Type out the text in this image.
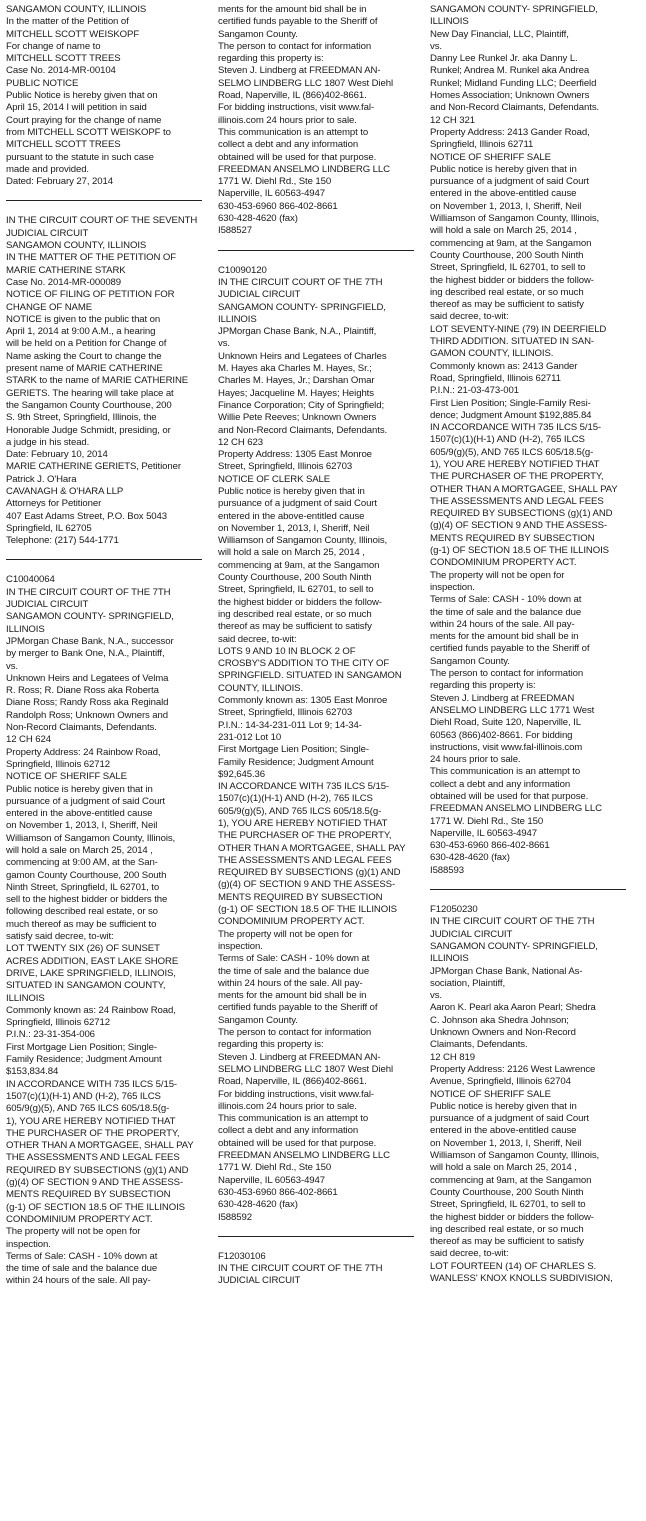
SANGAMON COUNTY, ILLINOIS
In the matter of the Petition of
MITCHELL SCOTT WEISKOPF
For change of name to
MITCHELL SCOTT TREES
Case No. 2014-MR-00104
PUBLIC NOTICE
Public Notice is hereby given that on
April 15, 2014 I will petition in said
Court praying for the change of name
from MITCHELL SCOTT WEISKOPF to
MITCHELL SCOTT TREES
pursuant to the statute in such case
made and provided.
Dated: February 27, 2014
IN THE CIRCUIT COURT OF THE SEVENTH
JUDICIAL CIRCUIT
SANGAMON COUNTY, ILLINOIS
IN THE MATTER OF THE PETITION OF
MARIE CATHERINE STARK
Case No. 2014-MR-000089
NOTICE OF FILING OF PETITION FOR
CHANGE OF NAME
NOTICE is given to the public that on
April 1, 2014 at 9:00 A.M., a hearing
will be held on a Petition for Change of
Name asking the Court to change the
present name of MARIE CATHERINE
STARK to the name of MARIE CATHERINE
GERIETS. The hearing will take place at
the Sangamon County Courthouse, 200
S. 9th Street, Springfield, Illinois, the
Honorable Judge Schmidt, presiding, or
a judge in his stead.
Date: February 10, 2014
MARIE CATHERINE GERIETS, Petitioner
Patrick J. O'Hara
CAVANAGH & O'HARA LLP
Attorneys for Petitioner
407 East Adams Street, P.O. Box 5043
Springfield, IL 62705
Telephone: (217) 544-1771
C10040064
IN THE CIRCUIT COURT OF THE 7TH
JUDICIAL CIRCUIT
SANGAMON COUNTY- SPRINGFIELD,
ILLINOIS
JPMorgan Chase Bank, N.A., successor
by merger to Bank One, N.A., Plaintiff,
vs.
Unknown Heirs and Legatees of Velma
R. Ross; R. Diane Ross aka Roberta
Diane Ross; Randy Ross aka Reginald
Randolph Ross; Unknown Owners and
Non-Record Claimants, Defendants.
12 CH 624
Property Address: 24 Rainbow Road,
Springfield, Illinois 62712
NOTICE OF SHERIFF SALE
Public notice is hereby given that in
pursuance of a judgment of said Court
entered in the above-entitled cause
on November 1, 2013, I, Sheriff, Neil
Williamson of Sangamon County, Illinois,
will hold a sale on March 25, 2014 ,
commencing at 9:00 AM, at the San-
gamon County Courthouse, 200 South
Ninth Street, Springfield, IL 62701, to
sell to the highest bidder or bidders the
following described real estate, or so
much thereof as may be sufficient to
satisfy said decree, to-wit:
LOT TWENTY SIX (26) OF SUNSET
ACRES ADDITION, EAST LAKE SHORE
DRIVE, LAKE SPRINGFIELD, ILLINOIS,
SITUATED IN SANGAMON COUNTY,
ILLINOIS
Commonly known as: 24 Rainbow Road,
Springfield, Illinois 62712
P.I.N.: 23-31-354-006
First Mortgage Lien Position; Single-
Family Residence; Judgment Amount
$153,834.84
IN ACCORDANCE WITH 735 ILCS 5/15-
1507(c)(1)(H-1) AND (H-2), 765 ILCS
605/9(g)(5), AND 765 ILCS 605/18.5(g-
1), YOU ARE HEREBY NOTIFIED THAT
THE PURCHASER OF THE PROPERTY,
OTHER THAN A MORTGAGEE, SHALL PAY
THE ASSESSMENTS AND LEGAL FEES
REQUIRED BY SUBSECTIONS (g)(1) AND
(g)(4) OF SECTION 9 AND THE ASSESS-
MENTS REQUIRED BY SUBSECTION
(g-1) OF SECTION 18.5 OF THE ILLINOIS
CONDOMINIUM PROPERTY ACT.
The property will not be open for
inspection.
Terms of Sale: CASH - 10% down at
the time of sale and the balance due
within 24 hours of the sale. All pay-
ments for the amount bid shall be in
certified funds payable to the Sheriff of
Sangamon County.
The person to contact for information
regarding this property is:
Steven J. Lindberg at FREEDMAN AN-
SELMO LINDBERG LLC 1807 West Diehl
Road, Naperville, IL (866)402-8661.
For bidding instructions, visit www.fal-
illinois.com 24 hours prior to sale.
This communication is an attempt to
collect a debt and any information
obtained will be used for that purpose.
FREEDMAN ANSELMO LINDBERG LLC
1771 W. Diehl Rd., Ste 150
Naperville, IL 60563-4947
630-453-6960 866-402-8661
630-428-4620 (fax)
I588527
C10090120
IN THE CIRCUIT COURT OF THE 7TH
JUDICIAL CIRCUIT
SANGAMON COUNTY- SPRINGFIELD,
ILLINOIS
JPMorgan Chase Bank, N.A., Plaintiff,
vs.
Unknown Heirs and Legatees of Charles
M. Hayes aka Charles M. Hayes, Sr.;
Charles M. Hayes, Jr.; Darshan Omar
Hayes; Jacqueline M. Hayes; Heights
Finance Corporation; City of Springfield;
Willie Pete Reeves; Unknown Owners
and Non-Record Claimants, Defendants.
12 CH 623
Property Address: 1305 East Monroe
Street, Springfield, Illinois 62703
NOTICE OF CLERK SALE
Public notice is hereby given that in
pursuance of a judgment of said Court
entered in the above-entitled cause
on November 1, 2013, I, Sheriff, Neil
Williamson of Sangamon County, Illinois,
will hold a sale on March 25, 2014 ,
commencing at 9am, at the Sangamon
County Courthouse, 200 South Ninth
Street, Springfield, IL 62701, to sell to
the highest bidder or bidders the follow-
ing described real estate, or so much
thereof as may be sufficient to satisfy
said decree, to-wit:
LOTS 9 AND 10 IN BLOCK 2 OF
CROSBY'S ADDITION TO THE CITY OF
SPRINGFIELD. SITUATED IN SANGAMON
COUNTY, ILLINOIS.
Commonly known as: 1305 East Monroe
Street, Springfield, Illinois 62703
P.I.N.: 14-34-231-011 Lot 9; 14-34-
231-012 Lot 10
First Mortgage Lien Position; Single-
Family Residence; Judgment Amount
$92,645.36
IN ACCORDANCE WITH 735 ILCS 5/15-
1507(c)(1)(H-1) AND (H-2), 765 ILCS
605/9(g)(5), AND 765 ILCS 605/18.5(g-
1), YOU ARE HEREBY NOTIFIED THAT
THE PURCHASER OF THE PROPERTY,
OTHER THAN A MORTGAGEE, SHALL PAY
THE ASSESSMENTS AND LEGAL FEES
REQUIRED BY SUBSECTIONS (g)(1) AND
(g)(4) OF SECTION 9 AND THE ASSESS-
MENTS REQUIRED BY SUBSECTION
(g-1) OF SECTION 18.5 OF THE ILLINOIS
CONDOMINIUM PROPERTY ACT.
The property will not be open for
inspection.
Terms of Sale: CASH - 10% down at
the time of sale and the balance due
within 24 hours of the sale. All pay-
ments for the amount bid shall be in
certified funds payable to the Sheriff of
Sangamon County.
The person to contact for information
regarding this property is:
Steven J. Lindberg at FREEDMAN AN-
SELMO LINDBERG LLC 1807 West Diehl
Road, Naperville, IL (866)402-8661.
For bidding instructions, visit www.fal-
illinois.com 24 hours prior to sale.
This communication is an attempt to
collect a debt and any information
obtained will be used for that purpose.
FREEDMAN ANSELMO LINDBERG LLC
1771 W. Diehl Rd., Ste 150
Naperville, IL 60563-4947
630-453-6960 866-402-8661
630-428-4620 (fax)
I588592
F12030106
IN THE CIRCUIT COURT OF THE 7TH
JUDICIAL CIRCUIT
SANGAMON COUNTY- SPRINGFIELD,
ILLINOIS
New Day Financial, LLC, Plaintiff,
vs.
Danny Lee Runkel Jr. aka Danny L.
Runkel; Andrea M. Runkel aka Andrea
Runkel; Midland Funding LLC; Deerfield
Homes Association; Unknown Owners
and Non-Record Claimants, Defendants.
12 CH 321
Property Address: 2413 Gander Road,
Springfield, Illinois 62711
NOTICE OF SHERIFF SALE
Public notice is hereby given that in
pursuance of a judgment of said Court
entered in the above-entitled cause
on November 1, 2013, I, Sheriff, Neil
Williamson of Sangamon County, Illinois,
will hold a sale on March 25, 2014 ,
commencing at 9am, at the Sangamon
County Courthouse, 200 South Ninth
Street, Springfield, IL 62701, to sell to
the highest bidder or bidders the follow-
ing described real estate, or so much
thereof as may be sufficient to satisfy
said decree, to-wit:
LOT SEVENTY-NINE (79) IN DEERFIELD
THIRD ADDITION. SITUATED IN SAN-
GAMON COUNTY, ILLINOIS.
Commonly known as: 2413 Gander
Road, Springfield, Illinois 62711
P.I.N.: 21-03-473-001
First Lien Position; Single-Family Resi-
dence; Judgment Amount $192,885.84
IN ACCORDANCE WITH 735 ILCS 5/15-
1507(c)(1)(H-1) AND (H-2), 765 ILCS
605/9(g)(5), AND 765 ILCS 605/18.5(g-
1), YOU ARE HEREBY NOTIFIED THAT
THE PURCHASER OF THE PROPERTY,
OTHER THAN A MORTGAGEE, SHALL PAY
THE ASSESSMENTS AND LEGAL FEES
REQUIRED BY SUBSECTIONS (g)(1) AND
(g)(4) OF SECTION 9 AND THE ASSESS-
MENTS REQUIRED BY SUBSECTION
(g-1) OF SECTION 18.5 OF THE ILLINOIS
CONDOMINIUM PROPERTY ACT.
The property will not be open for
inspection.
Terms of Sale: CASH - 10% down at
the time of sale and the balance due
within 24 hours of the sale. All pay-
ments for the amount bid shall be in
certified funds payable to the Sheriff of
Sangamon County.
The person to contact for information
regarding this property is:
Steven J. Lindberg at FREEDMAN
ANSELMO LINDBERG LLC 1771 West
Diehl Road, Suite 120, Naperville, IL
60563 (866)402-8661. For bidding
instructions, visit www.fal-illinois.com
24 hours prior to sale.
This communication is an attempt to
collect a debt and any information
obtained will be used for that purpose.
FREEDMAN ANSELMO LINDBERG LLC
1771 W. Diehl Rd., Ste 150
Naperville, IL 60563-4947
630-453-6960 866-402-8661
630-428-4620 (fax)
I588593
F12050230
IN THE CIRCUIT COURT OF THE 7TH
JUDICIAL CIRCUIT
SANGAMON COUNTY- SPRINGFIELD,
ILLINOIS
JPMorgan Chase Bank, National As-
sociation, Plaintiff,
vs.
Aaron K. Pearl aka Aaron Pearl; Shedra
C. Johnson aka Shedra Johnson;
Unknown Owners and Non-Record
Claimants, Defendants.
12 CH 819
Property Address: 2126 West Lawrence
Avenue, Springfield, Illinois 62704
NOTICE OF SHERIFF SALE
Public notice is hereby given that in
pursuance of a judgment of said Court
entered in the above-entitled cause
on November 1, 2013, I, Sheriff, Neil
Williamson of Sangamon County, Illinois,
will hold a sale on March 25, 2014 ,
commencing at 9am, at the Sangamon
County Courthouse, 200 South Ninth
Street, Springfield, IL 62701, to sell to
the highest bidder or bidders the follow-
ing described real estate, or so much
thereof as may be sufficient to satisfy
said decree, to-wit:
LOT FOURTEEN (14) OF CHARLES S.
WANLESS' KNOX KNOLLS SUBDIVISION,
